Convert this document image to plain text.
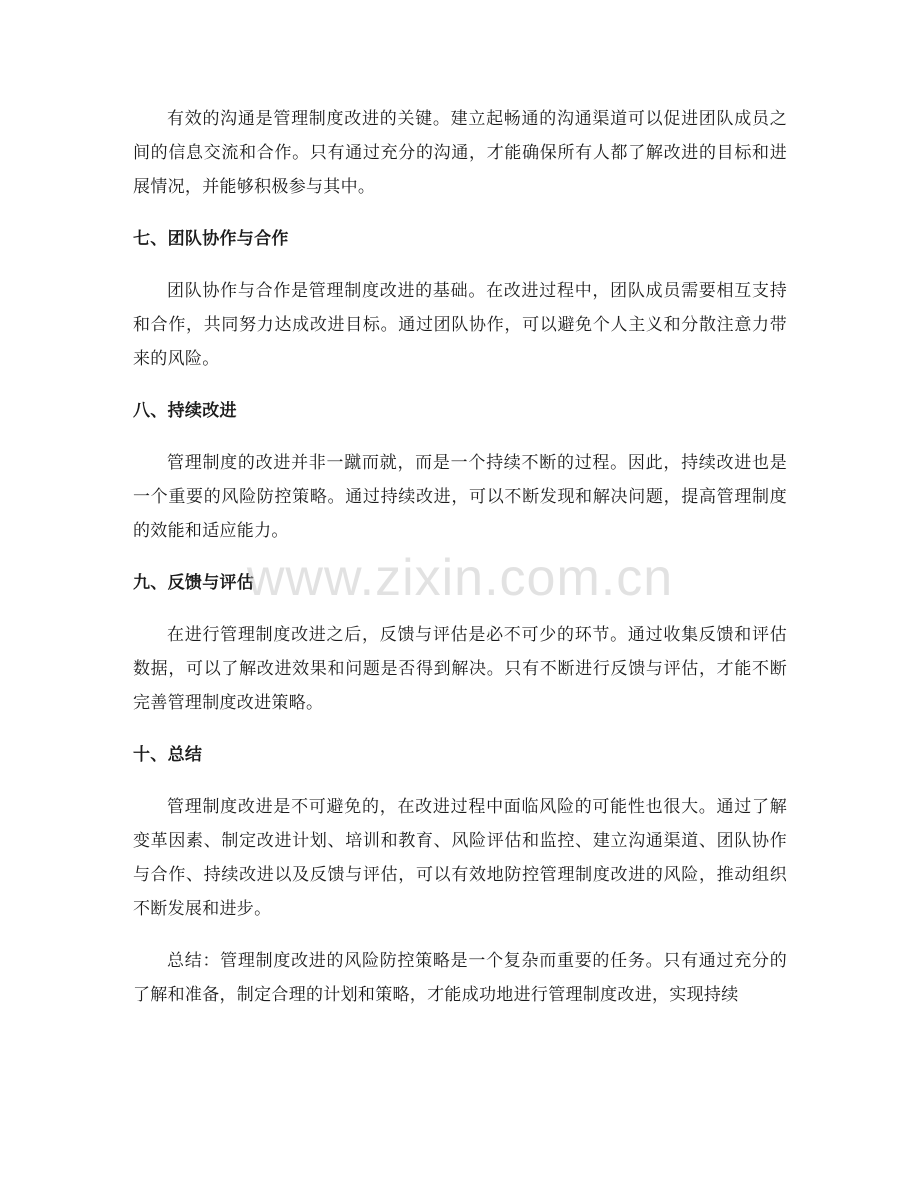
有效的沟通是管理制度改进的关键。建立起畅通的沟通渠道可以促进团队成员之间的信息交流和合作。只有通过充分的沟通，才能确保所有人都了解改进的目标和进展情况，并能够积极参与其中。

七、团队协作与合作

团队协作与合作是管理制度改进的基础。在改进过程中，团队成员需要相互支持和合作，共同努力达成改进目标。通过团队协作，可以避免个人主义和分散注意力带来的风险。

八、持续改进

管理制度的改进并非一蹴而就，而是一个持续不断的过程。因此，持续改进也是一个重要的风险防控策略。通过持续改进，可以不断发现和解决问题，提高管理制度的效能和适应能力。

九、反馈与评估

在进行管理制度改进之后，反馈与评估是必不可少的环节。通过收集反馈和评估数据，可以了解改进效果和问题是否得到解决。只有不断进行反馈与评估，才能不断完善管理制度改进策略。

十、总结

管理制度改进是不可避免的，在改进过程中面临风险的可能性也很大。通过了解变革因素、制定改进计划、培训和教育、风险评估和监控、建立沟通渠道、团队协作与合作、持续改进以及反馈与评估，可以有效地防控管理制度改进的风险，推动组织不断发展和进步。

总结：管理制度改进的风险防控策略是一个复杂而重要的任务。只有通过充分的了解和准备，制定合理的计划和策略，才能成功地进行管理制度改进，实现持续

www.zixin.com.cn
